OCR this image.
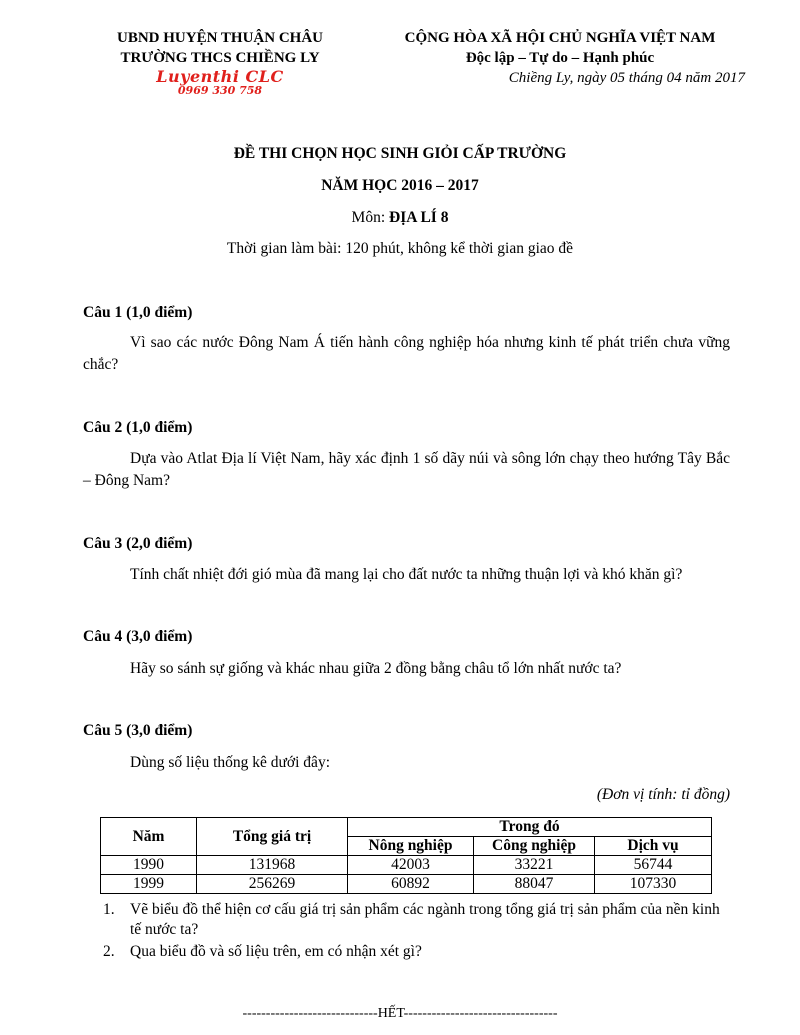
UBND HUYỆN THUẬN CHÂU
TRƯỜNG THCS CHIỀNG LY
Luyenthi CLC
0969 330 758
CỘNG HÒA XÃ HỘI CHỦ NGHĨA VIỆT NAM
Độc lập – Tự do – Hạnh phúc
Chiềng Ly, ngày 05 tháng 04 năm 2017
ĐỀ THI CHỌN HỌC SINH GIỎI CẤP TRƯỜNG
NĂM HỌC 2016 – 2017
Môn: ĐỊA LÍ 8
Thời gian làm bài: 120 phút, không kể thời gian giao đề
Câu 1 (1,0 điểm)
Vì sao các nước Đông Nam Á tiến hành công nghiệp hóa nhưng kinh tế phát triển chưa vững chắc?
Câu 2 (1,0 điểm)
Dựa vào Atlat Địa lí Việt Nam, hãy xác định 1 số dãy núi và sông lớn chạy theo hướng Tây Bắc – Đông Nam?
Câu 3 (2,0 điểm)
Tính chất nhiệt đới gió mùa đã mang lại cho đất nước ta những thuận lợi và khó khăn gì?
Câu 4 (3,0 điểm)
Hãy so sánh sự giống và khác nhau giữa 2 đồng bằng châu tổ lớn nhất nước ta?
Câu 5 (3,0 điểm)
Dùng số liệu thống kê dưới đây:
(Đơn vị tính: tỉ đồng)
Năm	Tổng giá trị	Trong đó		
		Nông nghiệp	Công nghiệp	Dịch vụ
1990	131968	42003	33221	56744
1999	256269	60892	88047	107330
1. Vẽ biểu đồ thể hiện cơ cấu giá trị sản phẩm các ngành trong tổng giá trị sản phẩm của nền kinh tế nước ta?
2. Qua biểu đồ và số liệu trên, em có nhận xét gì?
-----------------------------HẾT---------------------------------
